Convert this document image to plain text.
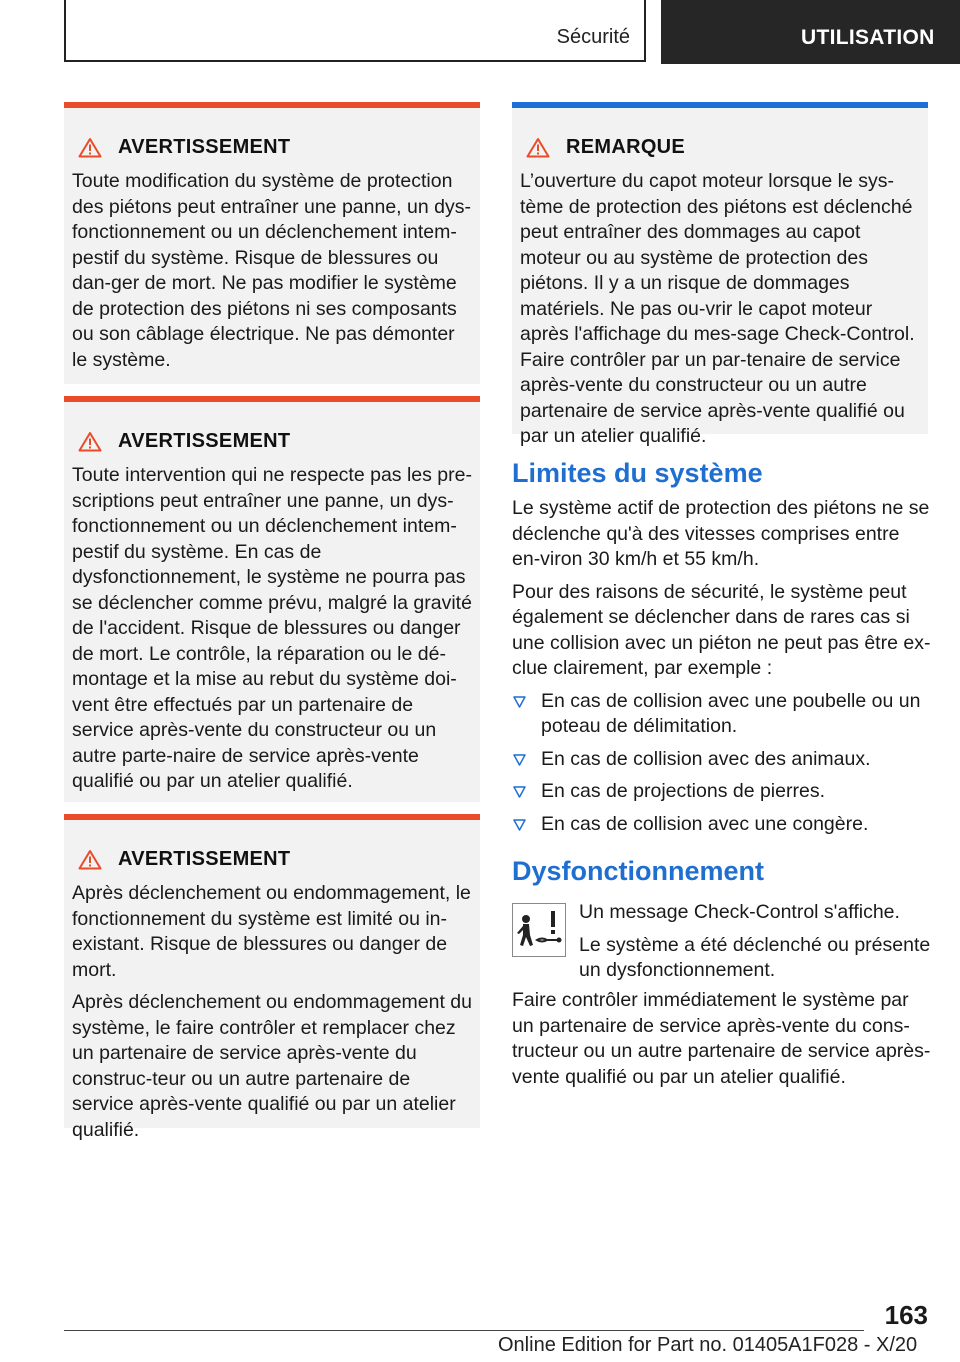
Sécurité	UTILISATION
AVERTISSEMENT

Toute modification du système de protection des piétons peut entraîner une panne, un dys-fonctionnement ou un déclenchement intem-pestif du système. Risque de blessures ou dan-ger de mort. Ne pas modifier le système de protection des piétons ni ses composants ou son câblage électrique. Ne pas démonter le système.

AVERTISSEMENT

Toute intervention qui ne respecte pas les pre-scriptions peut entraîner une panne, un dys-fonctionnement ou un déclenchement intem-pestif du système. En cas de dysfonctionnement, le système ne pourra pas se déclencher comme prévu, malgré la gravité de l'accident. Risque de blessures ou danger de mort. Le contrôle, la réparation ou le dé-montage et la mise au rebut du système doi-vent être effectués par un partenaire de service après-vente du constructeur ou un autre parte-naire de service après-vente qualifié ou par un atelier qualifié.

AVERTISSEMENT

Après déclenchement ou endommagement, le fonctionnement du système est limité ou in-existant. Risque de blessures ou danger de mort.

Après déclenchement ou endommagement du système, le faire contrôler et remplacer chez un partenaire de service après-vente du construc-teur ou un autre partenaire de service après-vente qualifié ou par un atelier qualifié.

REMARQUE

L’ouverture du capot moteur lorsque le sys-tème de protection des piétons est déclenché peut entraîner des dommages au capot moteur ou au système de protection des piétons. Il y a un risque de dommages matériels. Ne pas ou-vrir le capot moteur après l'affichage du mes-sage Check-Control. Faire contrôler par un par-tenaire de service après-vente du constructeur ou un autre partenaire de service après-vente qualifié ou par un atelier qualifié.

Limites du système

Le système actif de protection des piétons ne se déclenche qu'à des vitesses comprises entre en-viron 30 km/h et 55 km/h.

Pour des raisons de sécurité, le système peut également se déclencher dans de rares cas si une collision avec un piéton ne peut pas être ex-clue clairement, par exemple :

En cas de collision avec une poubelle ou un poteau de délimitation.
En cas de collision avec des animaux.
En cas de projections de pierres.
En cas de collision avec une congère.
Dysfonctionnement

Un message Check-Control s'affiche.

Le système a été déclenché ou présente un dysfonctionnement.

Faire contrôler immédiatement le système par un partenaire de service après-vente du cons-tructeur ou un autre partenaire de service après-vente qualifié ou par un atelier qualifié.

163
Online Edition for Part no. 01405A1F028 - X/20
